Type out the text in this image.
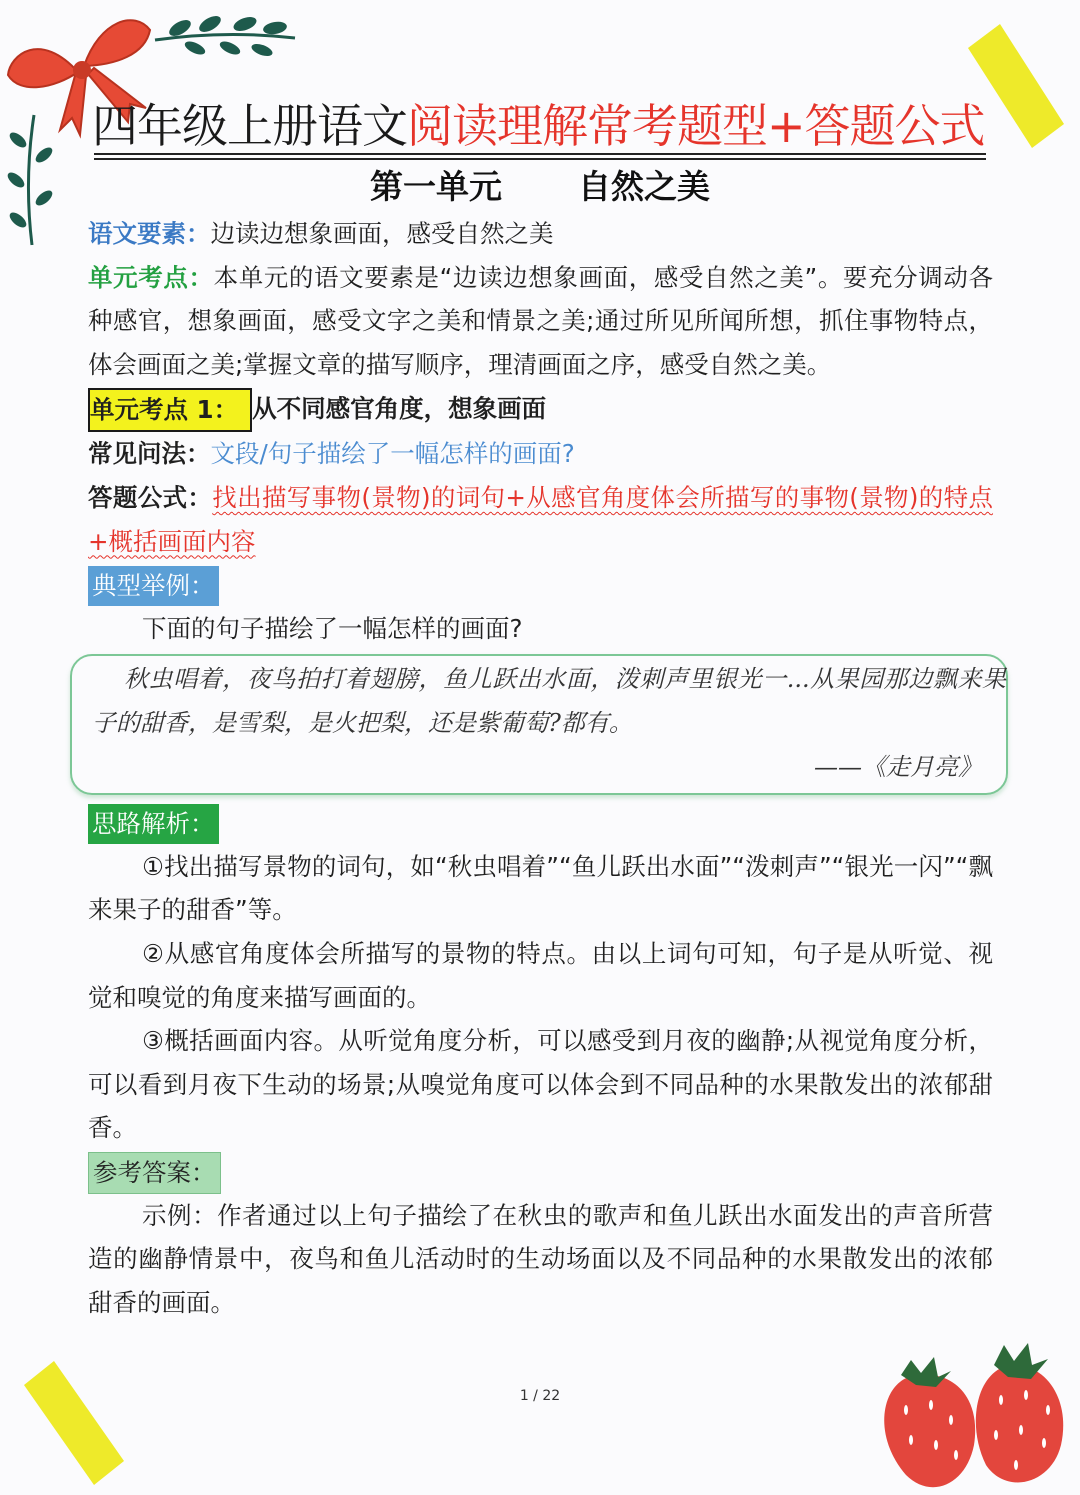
四年级上册语文阅读理解常考题型+答题公式
第一单元 自然之美
语文要素：边读边想象画面，感受自然之美
单元考点：本单元的语文要素是“边读边想象画面，感受自然之美”。要充分调动各种感官，想象画面，感受文字之美和情景之美;通过所见所闻所想，抓住事物特点，体会画面之美;掌握文章的描写顺序，理清画面之序，感受自然之美。
单元考点 1： 从不同感官角度，想象画面
常见问法：文段/句子描绘了一幅怎样的画面?
答题公式：找出描写事物(景物)的词句+从感官角度体会所描写的事物(景物)的特点+概括画面内容
典型举例：
下面的句子描绘了一幅怎样的画面?
秋虫唱着，夜鸟拍打着翅膀，鱼儿跃出水面，泼刺声里银光一...从果园那边飘来果子的甜香，是雪梨，是火把梨，还是紫葡萄?都有。
——《走月亮》
思路解析：
①找出描写景物的词句，如“秋虫唱着”“鱼儿跃出水面”“泼刺声”“银光一闪”“飘来果子的甜香”等。
②从感官角度体会所描写的景物的特点。由以上词句可知，句子是从听觉、视觉和嗅觉的角度来描写画面的。
③概括画面内容。从听觉角度分析，可以感受到月夜的幽静;从视觉角度分析，可以看到月夜下生动的场景;从嗅觉角度可以体会到不同品种的水果散发出的浓郁甜香。
参考答案：
示例：作者通过以上句子描绘了在秋虫的歌声和鱼儿跃出水面发出的声音所营造的幽静情景中，夜鸟和鱼儿活动时的生动场面以及不同品种的水果散发出的浓郁甜香的画面。
1 / 22
